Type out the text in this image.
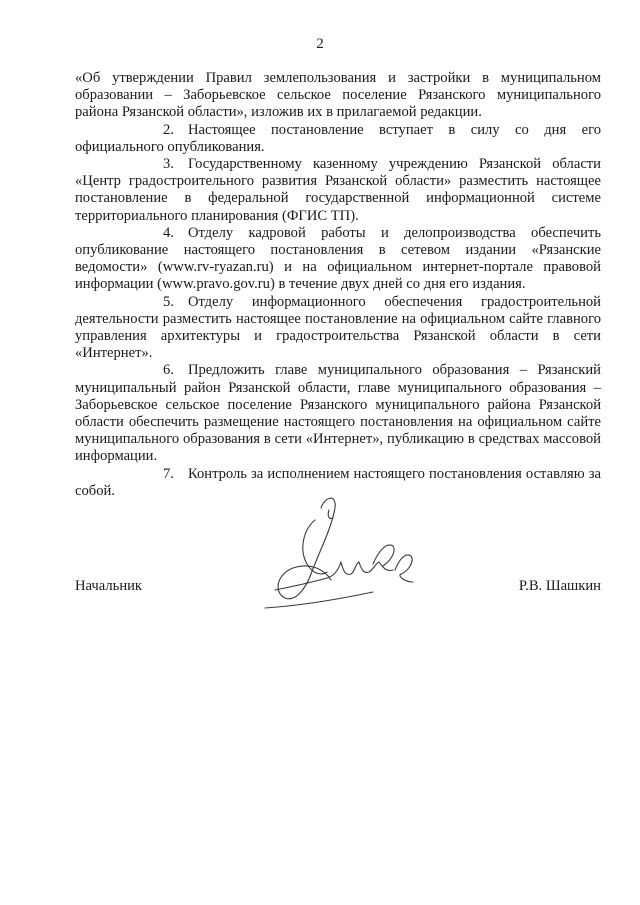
2

«Об утверждении Правил землепользования и застройки в муниципальном образовании – Заборьевское сельское поселение Рязанского муниципального района Рязанской области», изложив их в прилагаемой редакции.

2. Настоящее постановление вступает в силу со дня его официального опубликования.

3. Государственному казенному учреждению Рязанской области «Центр градостроительного развития Рязанской области» разместить настоящее постановление в федеральной государственной информационной системе территориального планирования (ФГИС ТП).

4. Отделу кадровой работы и делопроизводства обеспечить опубликование настоящего постановления в сетевом издании «Рязанские ведомости» (www.rv-ryazan.ru) и на официальном интернет-портале правовой информации (www.pravo.gov.ru) в течение двух дней со дня его издания.

5. Отделу информационного обеспечения градостроительной деятельности разместить настоящее постановление на официальном сайте главного управления архитектуры и градостроительства Рязанской области в сети «Интернет».

6. Предложить главе муниципального образования – Рязанский муниципальный район Рязанской области, главе муниципального образования – Заборьевское сельское поселение Рязанского муниципального района Рязанской области обеспечить размещение настоящего постановления на официальном сайте муниципального образования в сети «Интернет», публикацию в средствах массовой информации.

7. Контроль за исполнением настоящего постановления оставляю за собой.

Начальник	Р.В. Шашкин
